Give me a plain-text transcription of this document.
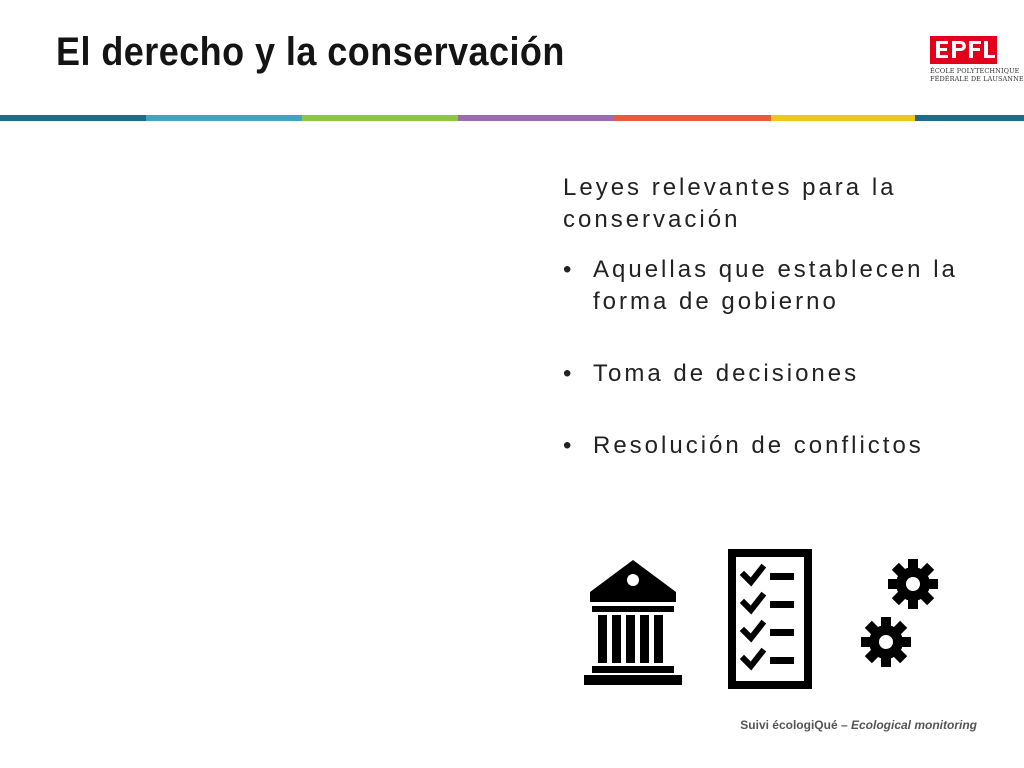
El derecho y la conservación	ÉCOLE POLYTECHNIQUE
FÉDÉRALE DE LAUSANNE

Leyes relevantes para la conservación

• Aquellas que establecen la forma de gobierno
• Toma de decisiones
• Resolución de conflictos
Suivi écologiQué – Ecological monitoring
